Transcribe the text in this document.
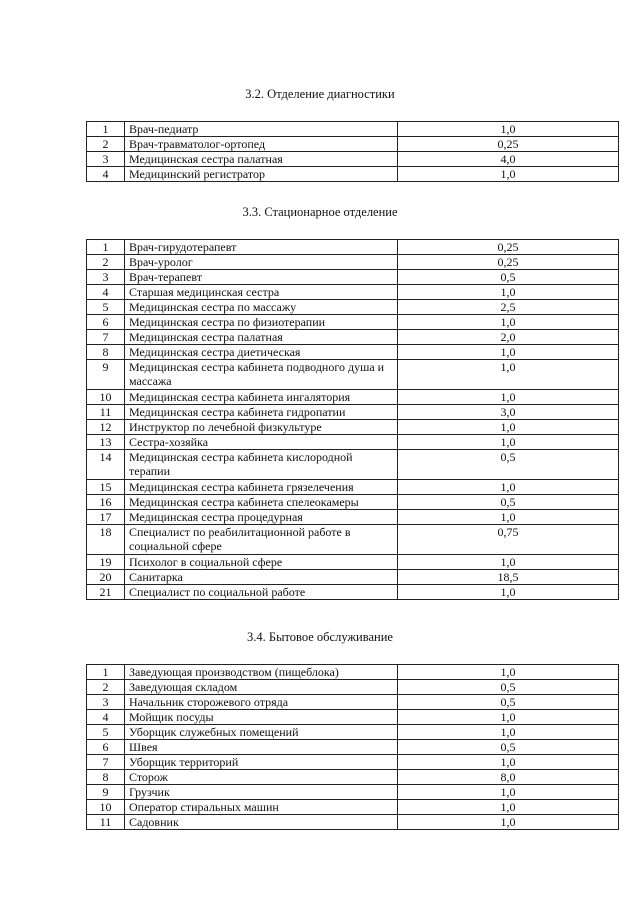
3.2. Отделение диагностики
1	Врач-педиатр	1,0
2	Врач-травматолог-ортопед	0,25
3	Медицинская сестра палатная	4,0
4	Медицинский регистратор	1,0
3.3. Стационарное отделение
1	Врач-гирудотерапевт	0,25
2	Врач-уролог	0,25
3	Врач-терапевт	0,5
4	Старшая медицинская сестра	1,0
5	Медицинская сестра по массажу	2,5
6	Медицинская сестра по физиотерапии	1,0
7	Медицинская сестра палатная	2,0
8	Медицинская сестра диетическая	1,0
9	Медицинская сестра кабинета подводного душа и массажа	1,0
10	Медицинская сестра кабинета ингалятория	1,0
11	Медицинская сестра кабинета гидропатии	3,0
12	Инструктор по лечебной физкультуре	1,0
13	Сестра-хозяйка	1,0
14	Медицинская сестра кабинета кислородной терапии	0,5
15	Медицинская сестра кабинета грязелечения	1,0
16	Медицинская сестра кабинета спелеокамеры	0,5
17	Медицинская сестра процедурная	1,0
18	Специалист по реабилитационной работе в социальной сфере	0,75
19	Психолог в социальной сфере	1,0
20	Санитарка	18,5
21	Специалист по социальной работе	1,0
3.4. Бытовое обслуживание
1	Заведующая производством (пищеблока)	1,0
2	Заведующая складом	0,5
3	Начальник сторожевого отряда	0,5
4	Мойщик посуды	1,0
5	Уборщик служебных помещений	1,0
6	Швея	0,5
7	Уборщик территорий	1,0
8	Сторож	8,0
9	Грузчик	1,0
10	Оператор стиральных машин	1,0
11	Садовник	1,0
